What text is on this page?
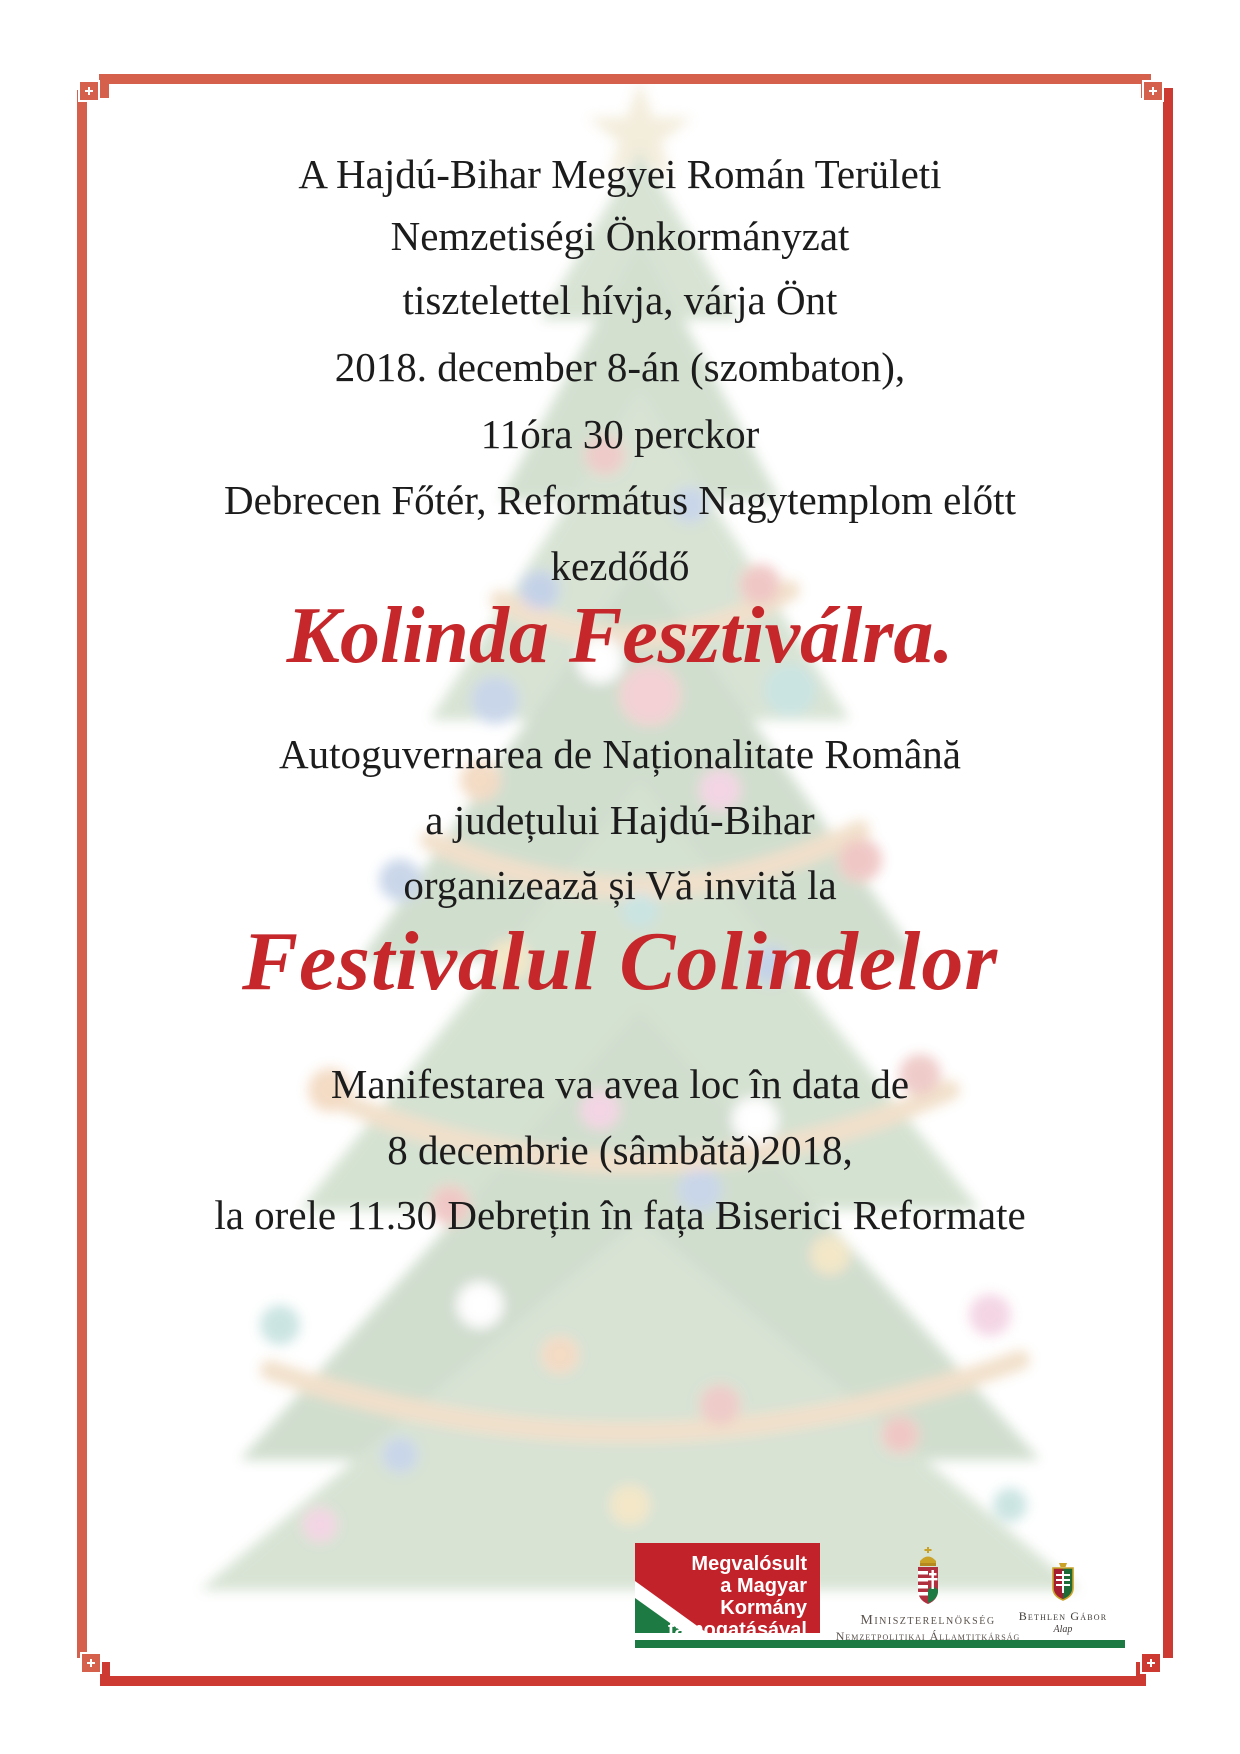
A Hajdú-Bihar Megyei Román Területi
Nemzetiségi Önkormányzat
tisztelettel hívja, várja Önt
2018. december 8-án (szombaton),
11óra 30 perckor
Debrecen Főtér, Református Nagytemplom előtt
kezdődő
Kolinda Fesztiválra.
Autoguvernarea de Naționalitate Română
a județului Hajdú-Bihar
organizează și Vă invită la
Festivalul Colindelor
Manifestarea va avea loc în data de
8 decembrie (sâmbătă)2018,
la orele 11.30 Debrețin în fața Biserici Reformate
Megvalósult
a Magyar Kormány
támogatásával	Miniszterelnökség
Nemzetpolitikai Államtitkárság
Bethlen Gábor
Alap
